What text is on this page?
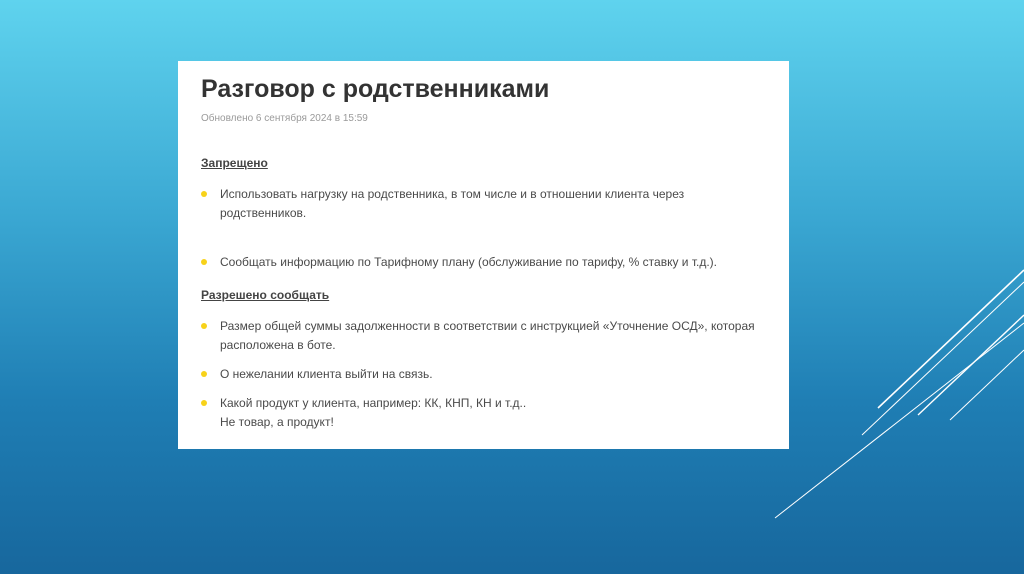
Разговор с родственниками
Обновлено 6 сентября 2024 в 15:59
Запрещено
Использовать нагрузку на родственника, в том числе и в отношении клиента через
родственников.
Сообщать информацию по Тарифному плану (обслуживание по тарифу, % ставку и т.д.).
Разрешено сообщать
Размер общей суммы задолженности в соответствии с инструкцией «Уточнение ОСД», которая
расположена в боте.
О нежелании клиента выйти на связь.
Какой продукт у клиента, например: КК, КНП, КН и т.д..
Не товар, а продукт!
